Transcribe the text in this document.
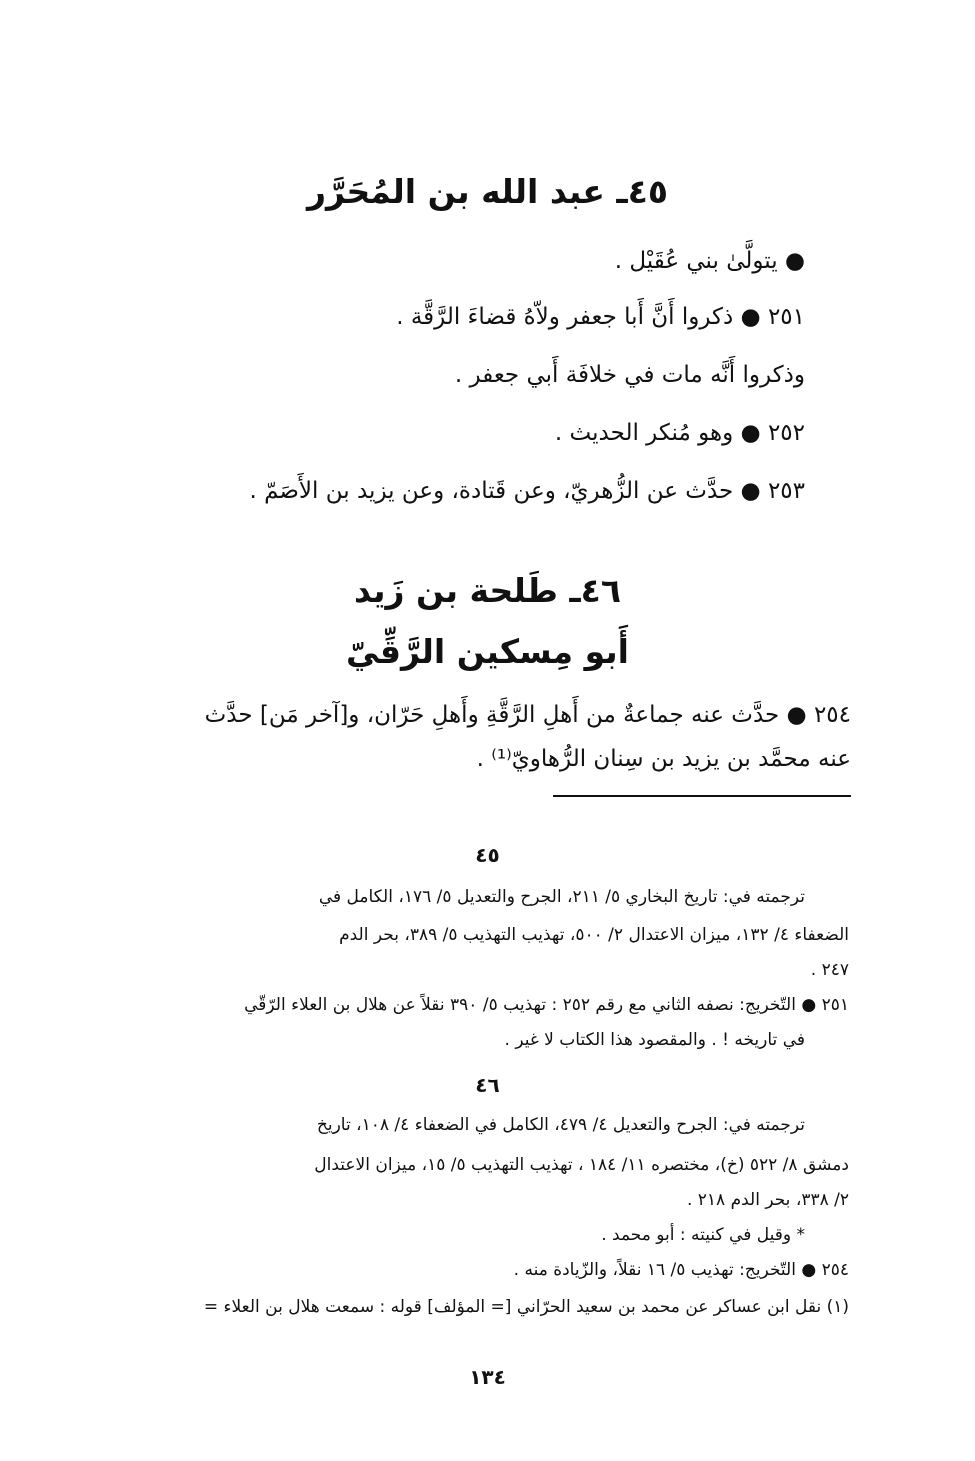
٤٥ـ عبد الله بن المُحَرَّر
● يتولَّىٰ بني عُقَيْل .
٢٥١ ● ذكروا أَنَّ أَبا جعفر ولاّهُ قضاءَ الرَّقَّة .
وذكروا أَنَّه مات في خلافَة أَبي جعفر .
٢٥٢ ● وهو مُنكر الحديث .
٢٥٣ ● حدَّث عن الزُّهريّ، وعن قَتادة، وعن يزيد بن الأَصَمّ .
٤٦ـ طَلحة بن زَيد
أَبو مِسكين الرَّقِّيّ
٢٥٤ ● حدَّث عنه جماعةٌ من أَهلِ الرَّقَّةِ وأَهلِ حَرّان، و[آخر مَن] حدَّث
عنه محمَّد بن يزيد بن سِنان الرُّهاويّ⁽¹⁾ .
٤٥
ترجمته في: تاريخ البخاري ٥/ ٢١١، الجرح والتعديل ٥/ ١٧٦، الكامل في
الضعفاء ٤/ ١٣٢، ميزان الاعتدال ٢/ ٥٠٠، تهذيب التهذيب ٥/ ٣٨٩، بحر الدم
٢٤٧ .
٢٥١ ● التّخريج: نصفه الثاني مع رقم ٢٥٢ : تهذيب ٥/ ٣٩٠ نقلاً عن هلال بن العلاء الرّقّي
في تاريخه ! . والمقصود هذا الكتاب لا غير .
٤٦
ترجمته في: الجرح والتعديل ٤/ ٤٧٩، الكامل في الضعفاء ٤/ ١٠٨، تاريخ
دمشق ٨/ ٥٢٢ (خ)، مختصره ١١/ ١٨٤ ، تهذيب التهذيب ٥/ ١٥، ميزان الاعتدال
٢/ ٣٣٨، بحر الدم ٢١٨ .
* وقيل في كنيته : أبو محمد .
٢٥٤ ● التّخريج: تهذيب ٥/ ١٦ نقلاً، والزّيادة منه .
(١) نقل ابن عساكر عن محمد بن سعيد الحرّاني [= المؤلف] قوله : سمعت هلال بن العلاء =
١٣٤
